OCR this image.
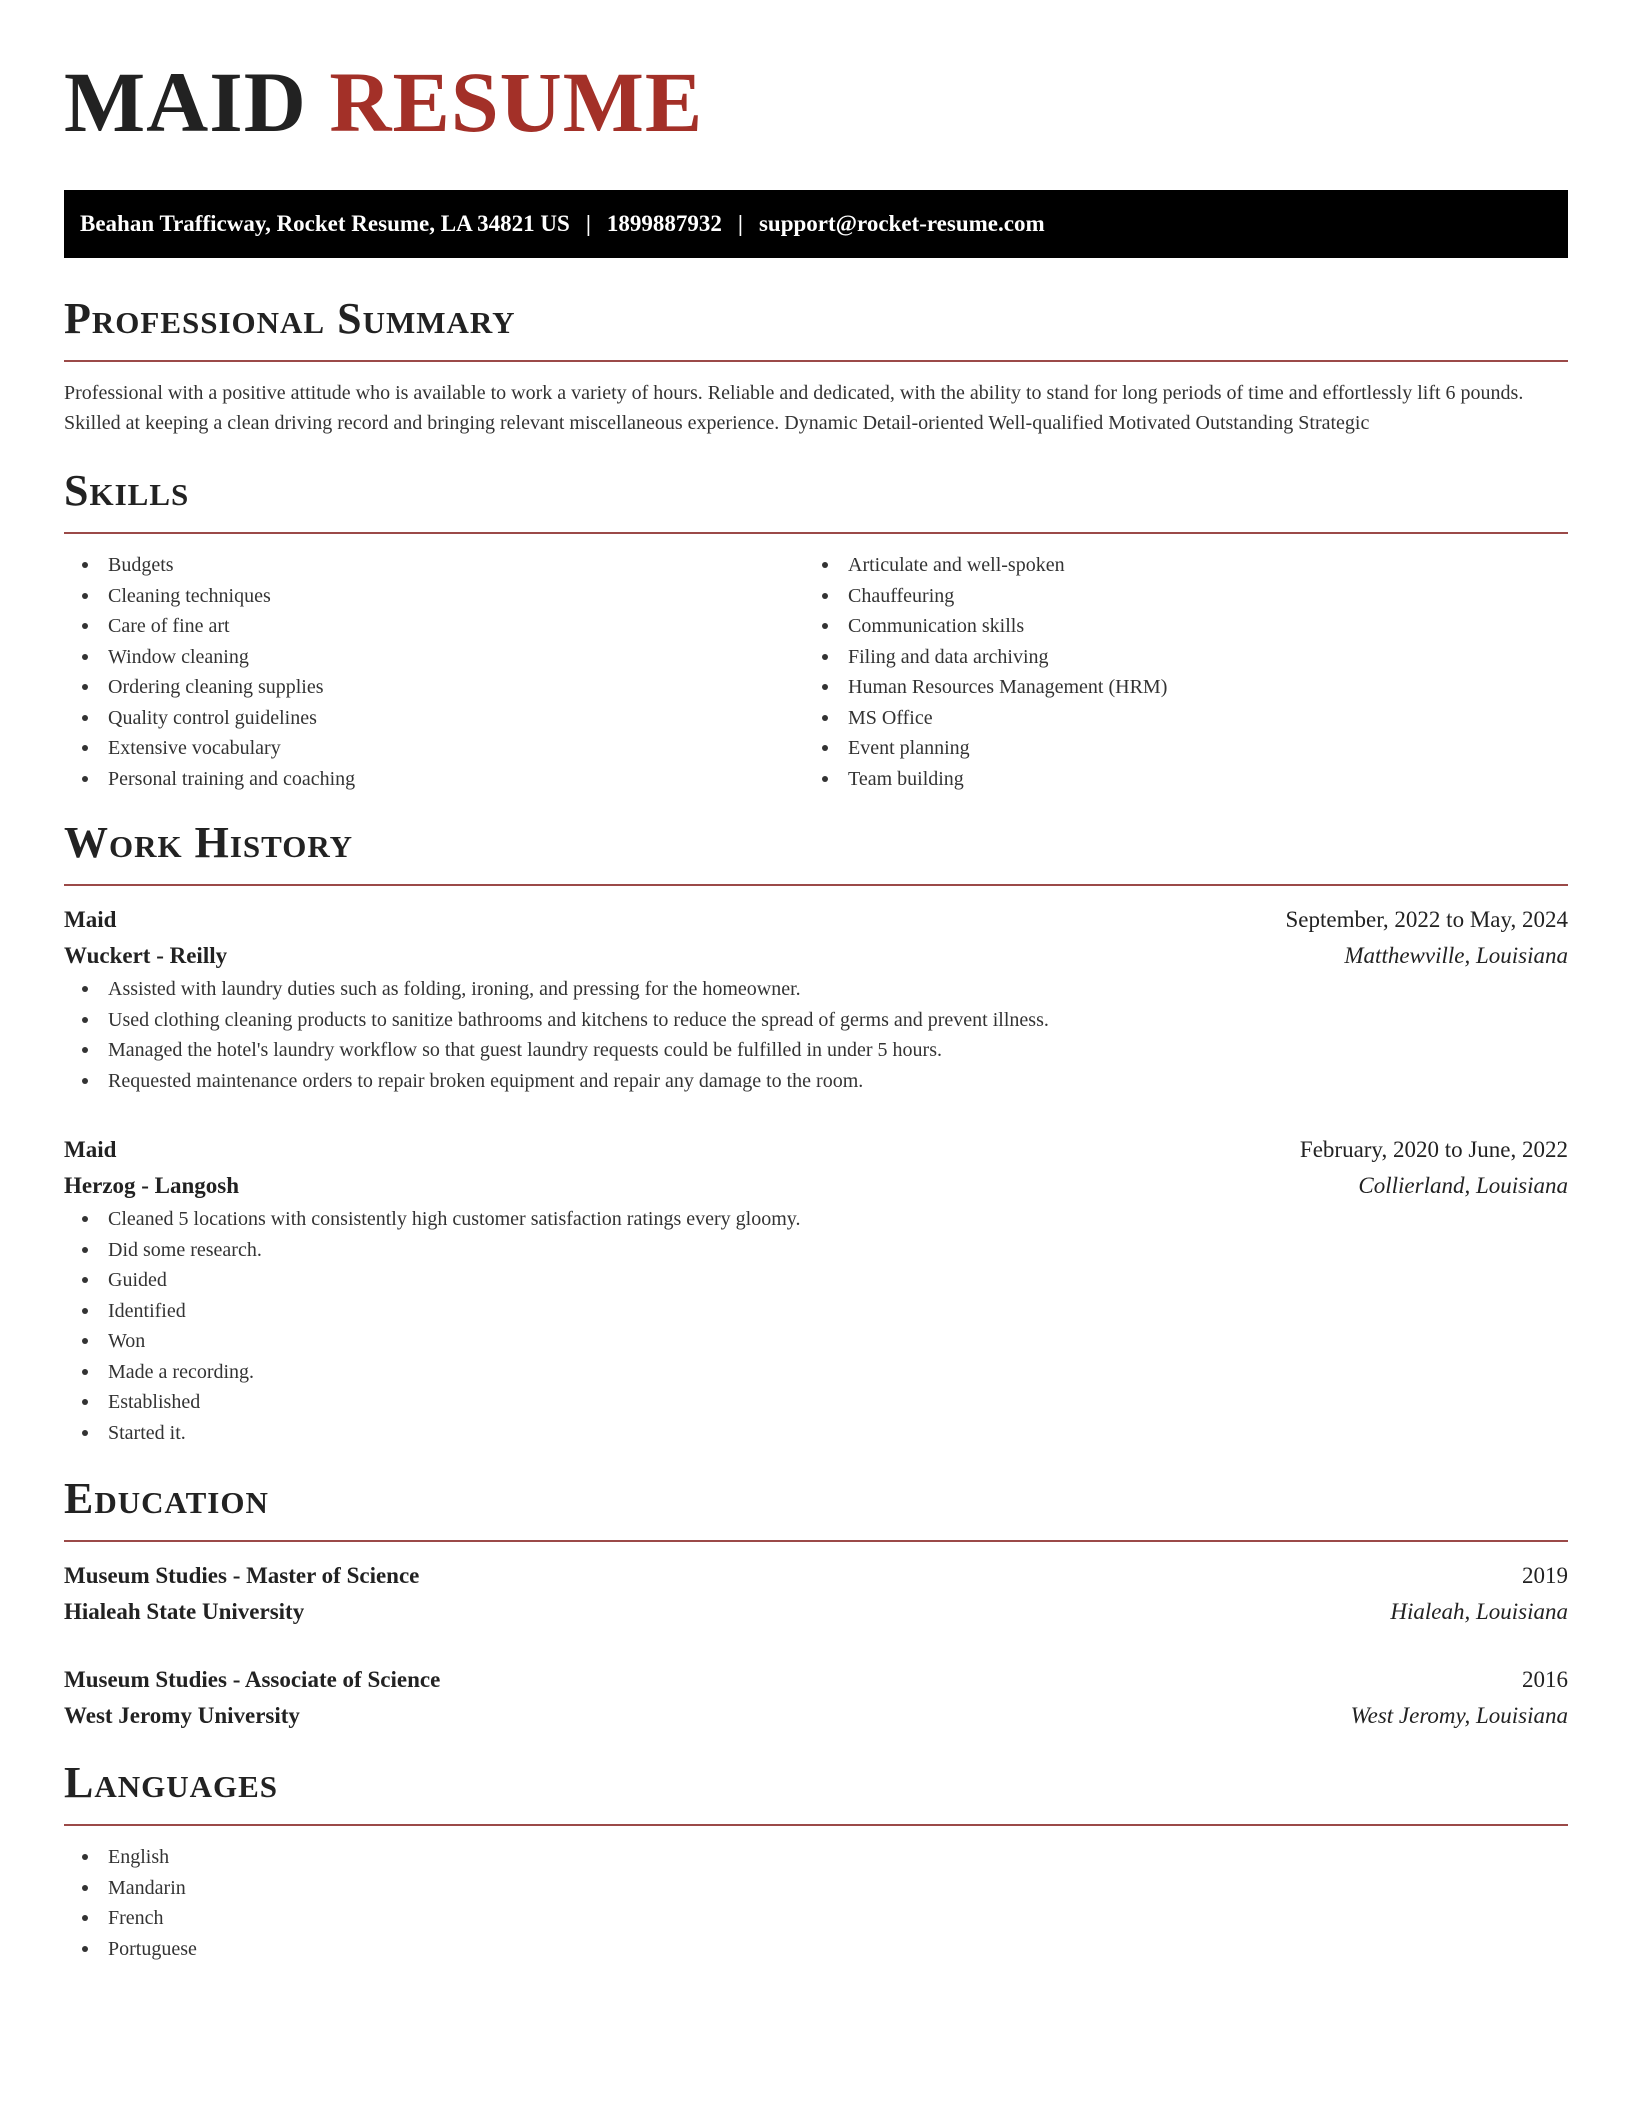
MAID RESUME
Beahan Trafficway, Rocket Resume, LA 34821 US | 1899887932 | support@rocket-resume.com
Professional Summary
Professional with a positive attitude who is available to work a variety of hours. Reliable and dedicated, with the ability to stand for long periods of time and effortlessly lift 6 pounds. Skilled at keeping a clean driving record and bringing relevant miscellaneous experience. Dynamic Detail-oriented Well-qualified Motivated Outstanding Strategic
Skills
Budgets
Cleaning techniques
Care of fine art
Window cleaning
Ordering cleaning supplies
Quality control guidelines
Extensive vocabulary
Personal training and coaching
Articulate and well-spoken
Chauffeuring
Communication skills
Filing and data archiving
Human Resources Management (HRM)
MS Office
Event planning
Team building
Work History
Maid	September, 2022 to May, 2024
Wuckert - Reilly	Matthewville, Louisiana
Assisted with laundry duties such as folding, ironing, and pressing for the homeowner.
Used clothing cleaning products to sanitize bathrooms and kitchens to reduce the spread of germs and prevent illness.
Managed the hotel's laundry workflow so that guest laundry requests could be fulfilled in under 5 hours.
Requested maintenance orders to repair broken equipment and repair any damage to the room.
Maid	February, 2020 to June, 2022
Herzog - Langosh	Collierland, Louisiana
Cleaned 5 locations with consistently high customer satisfaction ratings every gloomy.
Did some research.
Guided
Identified
Won
Made a recording.
Established
Started it.
Education
Museum Studies - Master of Science	2019
Hialeah State University	Hialeah, Louisiana
Museum Studies - Associate of Science	2016
West Jeromy University	West Jeromy, Louisiana
Languages
English
Mandarin
French
Portuguese
